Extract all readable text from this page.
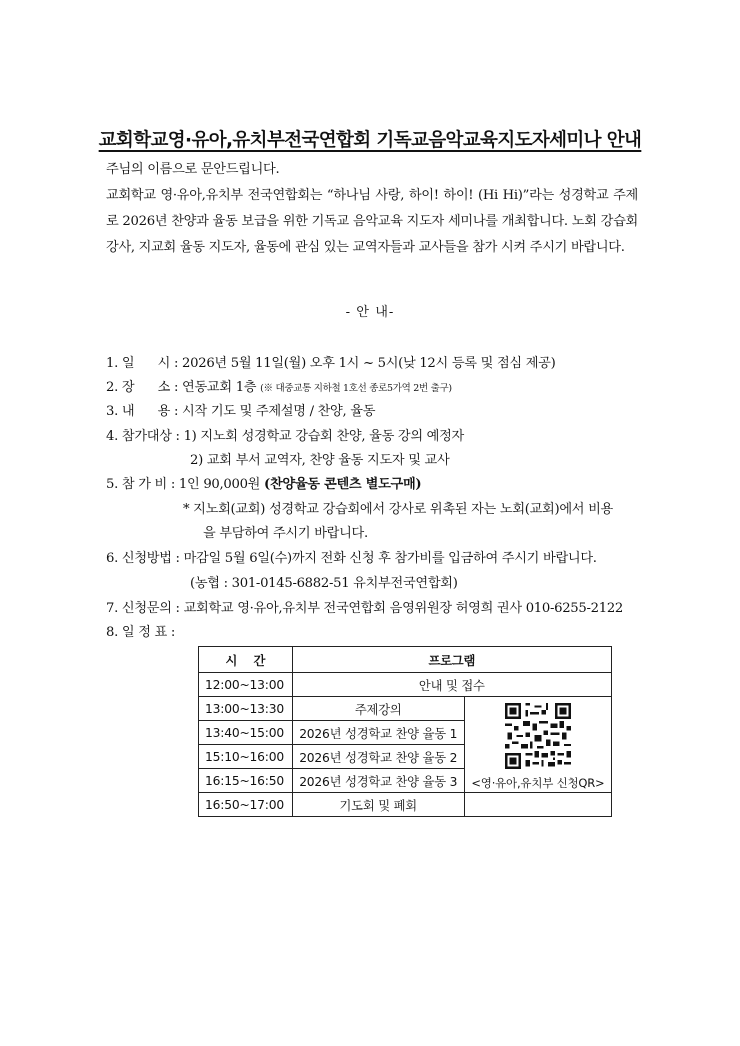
교회학교영·유아,유치부전국연합회 기독교음악교육지도자세미나 안내

주님의 이름으로 문안드립니다.

교회학교 영·유아,유치부 전국연합회는 “하나님 사랑, 하이! 하이! (Hi Hi)”라는 성경학교 주제로 2026년 찬양과 율동 보급을 위한 기독교 음악교육 지도자 세미나를 개최합니다. 노회 강습회 강사, 지교회 율동 지도자, 율동에 관심 있는 교역자들과 교사들을 참가 시켜 주시기 바랍니다.

- 안 내-
1. 일      시 : 2026년 5월 11일(월) 오후 1시 ~ 5시(낮 12시 등록 및 점심 제공)
2. 장      소 : 연동교회 1층 (※ 대중교통 지하철 1호선 종로5가역 2번 출구)
3. 내      용 : 시작 기도 및 주제설명 / 찬양, 율동
4. 참가대상 : 1) 지노회 성경학교 강습회 찬양, 율동 강의 예정자
2) 교회 부서 교역자, 찬양 율동 지도자 및 교사
5. 참 가 비 : 1인 90,000원 (찬양율동 콘텐츠 별도구매)
* 지노회(교회) 성경학교 강습회에서 강사로 위촉된 자는 노회(교회)에서 비용
을 부담하여 주시기 바랍니다.
6. 신청방법 : 마감일 5월 6일(수)까지 전화 신청 후 참가비를 입금하여 주시기 바랍니다.
(농협 : 301-0145-6882-51 유치부전국연합회)
7. 신청문의 : 교회학교 영·유아,유치부 전국연합회 음영위원장 허영희 권사 010-6255-2122
8. 일 정 표 :
시    간	프로그램	
12:00~13:00	안내 및 접수	
13:00~13:30	주제강의	<영·유아,유치부 신청QR>

13:40~15:00	2026년 성경학교 찬양 율동 1	
15:10~16:00	2026년 성경학교 찬양 율동 2	
16:15~16:50	2026년 성경학교 찬양 율동 3	
16:50~17:00	기도회 및 폐회	
